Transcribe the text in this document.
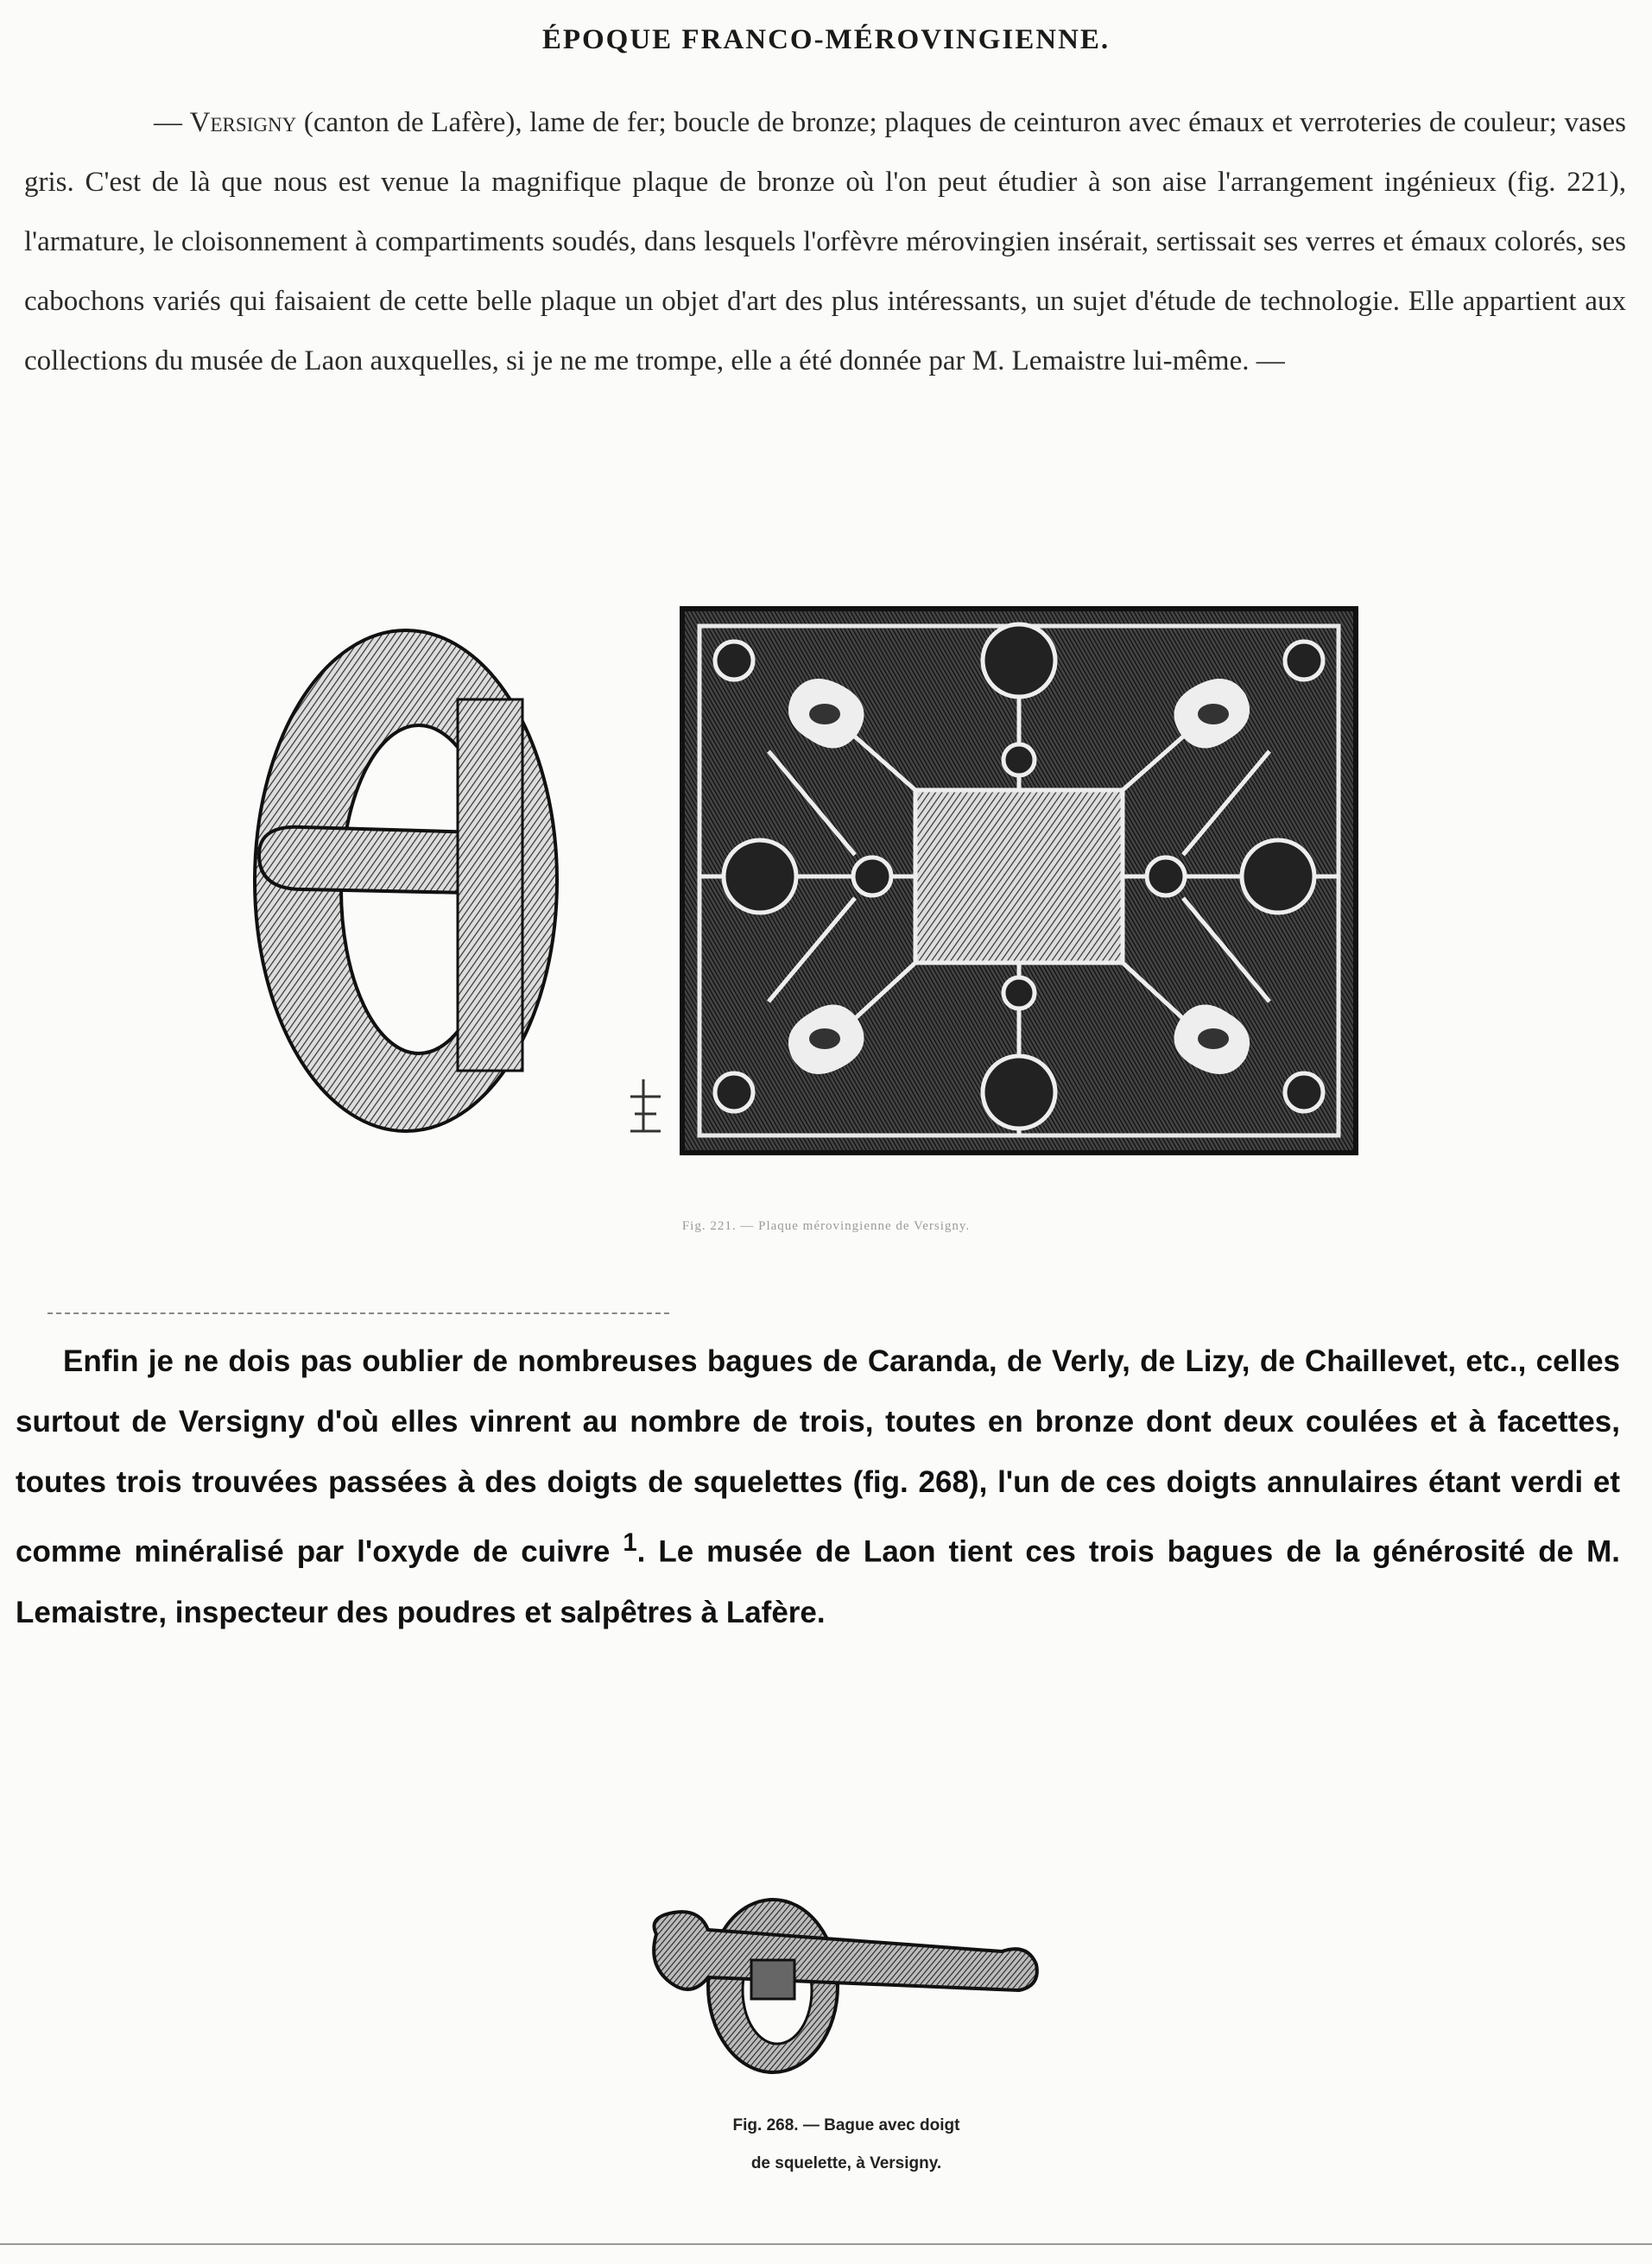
ÉPOQUE FRANCO-MÉROVINGIENNE.
— Versigny (canton de Lafère), lame de fer; boucle de bronze; plaques de ceinturon avec émaux et verroteries de couleur; vases gris. C'est de là que nous est venue la magnifique plaque de bronze où l'on peut étudier à son aise l'arrangement ingénieux (fig. 221), l'armature, le cloisonnement à compartiments soudés, dans lesquels l'orfèvre mérovingien insérait, sertissait ses verres et émaux colorés, ses cabochons variés qui faisaient de cette belle plaque un objet d'art des plus intéressants, un sujet d'étude de technologie. Elle appartient aux collections du musée de Laon auxquelles, si je ne me trompe, elle a été donnée par M. Lemaistre lui-même. —
Fig. 221. — Plaque mérovingienne de Versigny.
Enfin je ne dois pas oublier de nombreuses bagues de Caranda, de Verly, de Lizy, de Chaillevet, etc., celles surtout de Versigny d'où elles vinrent au nombre de trois, toutes en bronze dont deux coulées et à facettes, toutes trois trouvées passées à des doigts de squelettes (fig. 268), l'un de ces doigts annulaires étant verdi et comme minéralisé par l'oxyde de cuivre $^1$. Le musée de Laon tient ces trois bagues de la générosité de M. Lemaistre, inspecteur des poudres et salpêtres à Lafère.
Fig. 268. — Bague avec doigt
de squelette, à Versigny.
